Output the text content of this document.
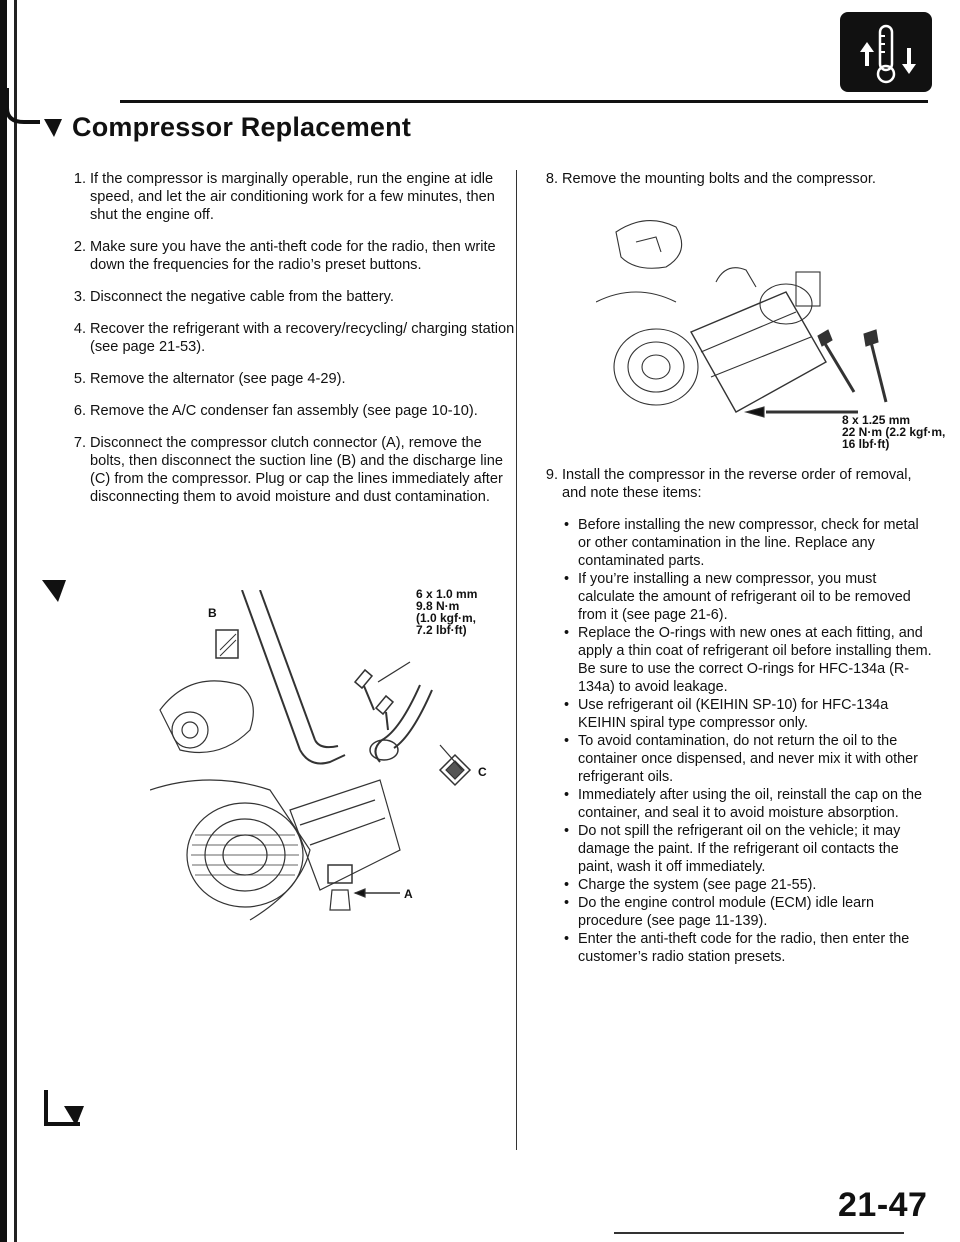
Compressor Replacement
1. If the compressor is marginally operable, run the engine at idle speed, and let the air conditioning work for a few minutes, then shut the engine off.
2. Make sure you have the anti-theft code for the radio, then write down the frequencies for the radio’s preset buttons.
3. Disconnect the negative cable from the battery.
4. Recover the refrigerant with a recovery/recycling/ charging station (see page 21-53).
5. Remove the alternator (see page 4-29).
6. Remove the A/C condenser fan assembly (see page 10-10).
7. Disconnect the compressor clutch connector (A), remove the bolts, then disconnect the suction line (B) and the discharge line (C) from the compressor. Plug or cap the lines immediately after disconnecting them to avoid moisture and dust contamination.
6 x 1.0 mm
9.8 N·m
(1.0 kgf·m,
7.2 lbf·ft)
B
C
A
8. Remove the mounting bolts and the compressor.
8 x 1.25 mm
22 N·m (2.2 kgf·m,
16 lbf·ft)
9. Install the compressor in the reverse order of removal, and note these items:
• Before installing the new compressor, check for metal or other contamination in the line. Replace any contaminated parts.
• If you’re installing a new compressor, you must calculate the amount of refrigerant oil to be removed from it (see page 21-6).
• Replace the O-rings with new ones at each fitting, and apply a thin coat of refrigerant oil before installing them. Be sure to use the correct O-rings for HFC-134a (R-134a) to avoid leakage.
• Use refrigerant oil (KEIHIN SP-10) for HFC-134a KEIHIN spiral type compressor only.
• To avoid contamination, do not return the oil to the container once dispensed, and never mix it with other refrigerant oils.
• Immediately after using the oil, reinstall the cap on the container, and seal it to avoid moisture absorption.
• Do not spill the refrigerant oil on the vehicle; it may damage the paint. If the refrigerant oil contacts the paint, wash it off immediately.
• Charge the system (see page 21-55).
• Do the engine control module (ECM) idle learn procedure (see page 11-139).
• Enter the anti-theft code for the radio, then enter the customer’s radio station presets.
21-47
